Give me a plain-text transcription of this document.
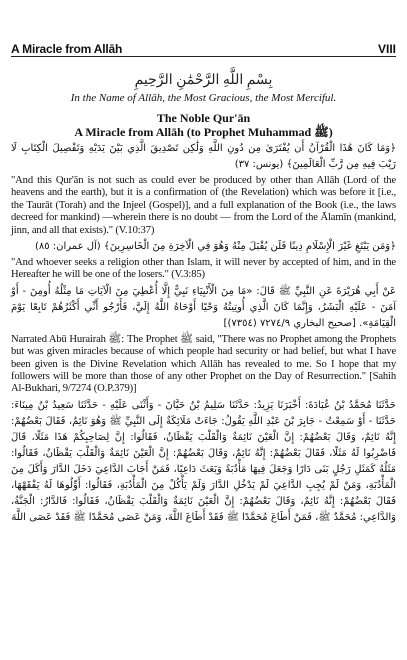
A Miracle from Allāh	VIII

بِسْمِ اللَّهِ الرَّحْمَٰنِ الرَّحِيمِ

In the Name of Allāh, the Most Gracious, the Most Merciful.

The Noble Qur'ān

A Miracle from Allāh (to Prophet Muhammad ﷺ)

﴿وَمَا كَانَ هَٰذَا الْقُرْآنُ أَن يُفْتَرَىٰ مِن دُونِ اللَّهِ وَلَٰكِن تَصْدِيقَ الَّذِي بَيْنَ يَدَيْهِ وَتَفْصِيلَ الْكِتَابِ لَا رَيْبَ فِيهِ مِن رَّبِّ الْعَالَمِينَ﴾ (يونس: ٣٧)

"And this Qur'ān is not such as could ever be produced by other than Allāh (Lord of the heavens and the earth), but it is a confirmation of (the Revelation) which was before it [i.e., the Taurāt (Torah) and the Injeel (Gospel)], and a full explanation of the Book (i.e., the laws decreed for mankind) —wherein there is no doubt — from the Lord of the Ālamīn (mankind, jinn, and all that exists)." (V.10:37)

﴿وَمَن يَبْتَغِ غَيْرَ الْإِسْلَامِ دِينًا فَلَن يُقْبَلَ مِنْهُ وَهُوَ فِي الْآخِرَةِ مِنَ الْخَاسِرِينَ﴾ (آل عمران: ٨٥)

"And whoever seeks a religion other than Islam, it will never by accepted of him, and in the Hereafter he will be one of the losers." (V.3:85)

عَنْ أَبِي هُرَيْرَةَ عَنِ النَّبِيِّ ﷺ قَالَ: «مَا مِنَ الْأَنْبِيَاءِ نَبِيٌّ إِلَّا أُعْطِيَ مِنَ الْآيَاتِ مَا مِثْلُهُ أُومِنَ - أَوْ آمَنَ - عَلَيْهِ الْبَشَرُ، وَإِنَّمَا كَانَ الَّذِي أُوتِيتُهُ وَحْيًا أَوْحَاهُ اللَّهُ إِلَيَّ، فَأَرْجُو أَنِّي أَكْثَرُهُمْ تَابِعًا يَوْمَ الْقِيَامَةِ». [صحيح البخاري ٧٢٧٤/٩ (٧٣٥٤)]

Narrated Abū Hurairah ﷺ: The Prophet ﷺ said, "There was no Prophet among the Prophets but was given miracles because of which people had security or had belief, but what I have been given is the Divine Revelation which Allāh has revealed to me. So I hope that my followers will be more than those of any other Prophet on the Day of Resurrection." [Sahih Al-Bukhari, 9/7274 (O.P.379)]

حَدَّثَنَا مُحَمَّدُ بْنُ عُبَادَةَ: أَخْبَرَنَا يَزِيدُ: حَدَّثَنَا سَلِيمُ بْنُ حَيَّانَ - وَأَثْنَى عَلَيْهِ - حَدَّثَنَا سَعِيدُ بْنُ مِينَاءَ: حَدَّثَنَا - أَوْ سَمِعْتُ - جَابِرَ بْنَ عَبْدِ اللَّهِ يَقُولُ: جَاءَتْ مَلَائِكَةٌ إِلَى النَّبِيِّ ﷺ وَهُوَ نَائِمٌ، فَقَالَ بَعْضُهُمْ: إِنَّهُ نَائِمٌ، وَقَالَ بَعْضُهُمْ: إِنَّ الْعَيْنَ نَائِمَةٌ وَالْقَلْبَ يَقْظَانُ، فَقَالُوا: إِنَّ لِصَاحِبِكُمْ هَذَا مَثَلًا، قَالَ فَاضْرِبُوا لَهُ مَثَلًا، فَقَالَ بَعْضُهُمْ: إِنَّهُ نَائِمٌ، وَقَالَ بَعْضُهُمْ: إِنَّ الْعَيْنَ نَائِمَةٌ وَالْقَلْبَ يَقْظَانُ، فَقَالُوا: مَثَلُهُ كَمَثَلِ رَجُلٍ بَنَى دَارًا وَجَعَلَ فِيهَا مَأْدُبَةً وَبَعَثَ دَاعِيًا، فَمَنْ أَجَابَ الدَّاعِيَ دَخَلَ الدَّارَ وَأَكَلَ مِنَ الْمَأْدُبَةِ، وَمَنْ لَمْ يُجِبِ الدَّاعِيَ لَمْ يَدْخُلِ الدَّارَ وَلَمْ يَأْكُلْ مِنَ الْمَأْدُبَةِ، فَقَالُوا: أَوِّلُوهَا لَهُ يَفْقَهْهَا، فَقَالَ بَعْضُهُمْ: إِنَّهُ نَائِمٌ، وَقَالَ بَعْضُهُمْ: إِنَّ الْعَيْنَ نَائِمَةٌ وَالْقَلْبَ يَقْظَانُ، فَقَالُوا: فَالدَّارُ: الْجَنَّةُ، وَالدَّاعِي: مُحَمَّدٌ ﷺ، فَمَنْ أَطَاعَ مُحَمَّدًا ﷺ فَقَدْ أَطَاعَ اللَّهَ، وَمَنْ عَصَى مُحَمَّدًا ﷺ فَقَدْ عَصَى اللَّهَ
